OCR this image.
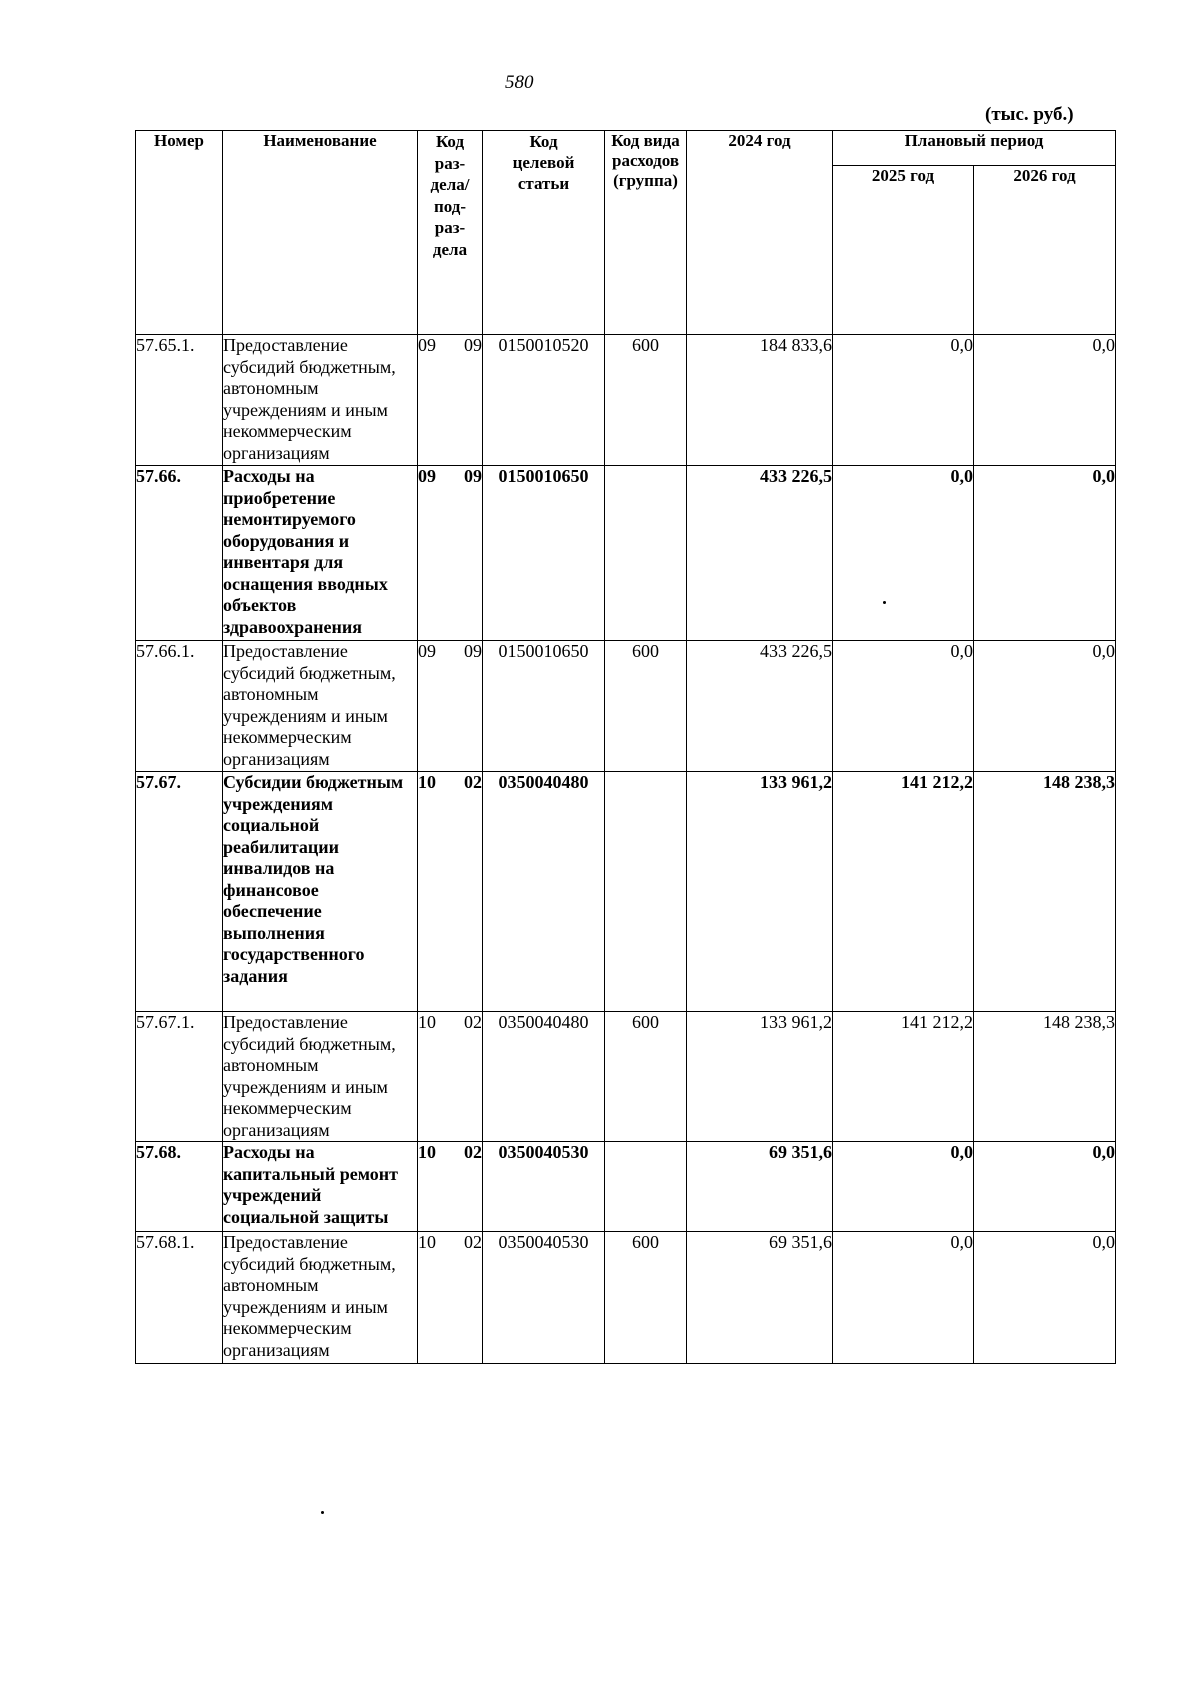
580
(тыс. руб.)
Номер	Наименование	Код раз- дела/ под- раз- дела	Код целевой статьи	Код вида расходов (группа)	2024 год	Плановый период	
						2025 год	2026 год
57.65.1.	Предоставление субсидий бюджетным, автономным учреждениям и иным некоммерческим организациям	09 09	0150010520	600	184 833,6	0,0	0,0
57.66.	Расходы на приобретение немонтируемого оборудования и инвентаря для оснащения вводных объектов здравоохранения	09 09	0150010650		433 226,5	0,0	0,0
57.66.1.	Предоставление субсидий бюджетным, автономным учреждениям и иным некоммерческим организациям	09 09	0150010650	600	433 226,5	0,0	0,0
57.67.	Субсидии бюджетным учреждениям социальной реабилитации инвалидов на финансовое обеспечение выполнения государственного задания	10 02	0350040480		133 961,2	141 212,2	148 238,3
57.67.1.	Предоставление субсидий бюджетным, автономным учреждениям и иным некоммерческим организациям	10 02	0350040480	600	133 961,2	141 212,2	148 238,3
57.68.	Расходы на капитальный ремонт учреждений социальной защиты	10 02	0350040530		69 351,6	0,0	0,0
57.68.1.	Предоставление субсидий бюджетным, автономным учреждениям и иным некоммерческим организациям	10 02	0350040530	600	69 351,6	0,0	0,0
